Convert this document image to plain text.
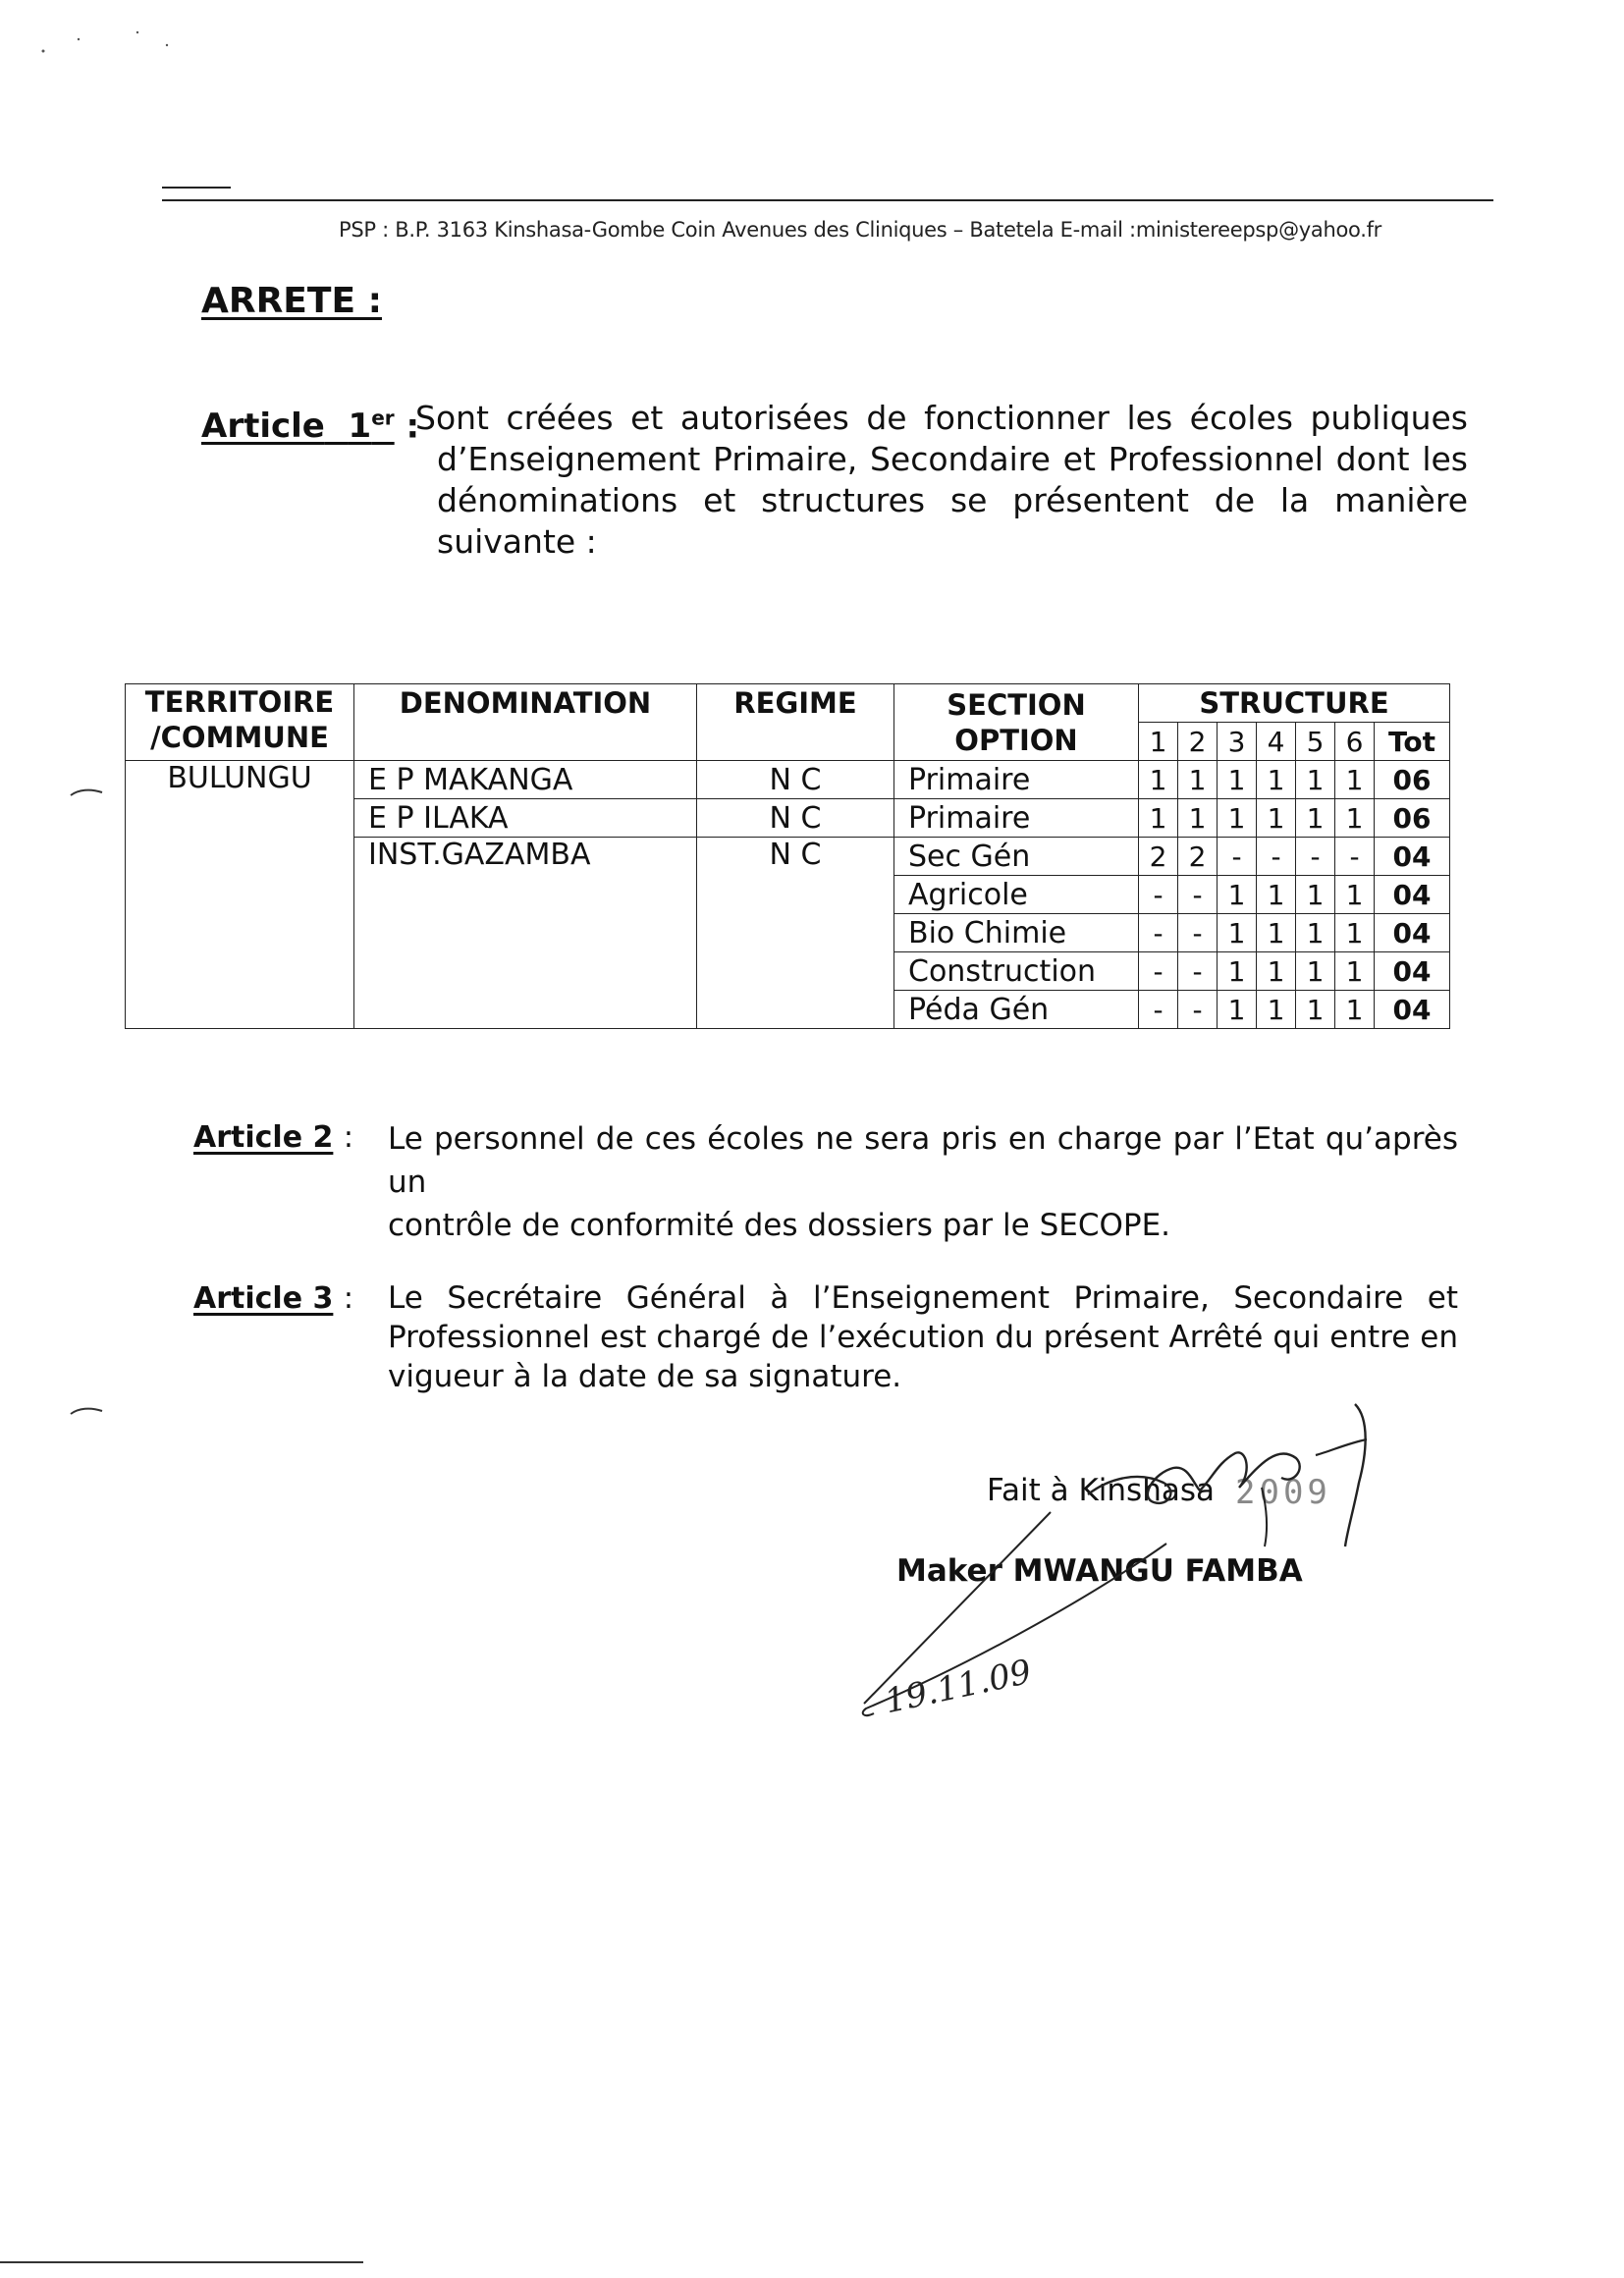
PSP : B.P. 3163 Kinshasa-Gombe Coin Avenues des Cliniques – Batetela E-mail :ministereepsp@yahoo.fr
ARRETE :
Article 1er :
Sont créées et autorisées de fonctionner les écoles publiques
d’Enseignement Primaire, Secondaire et Professionnel dont les
dénominations et structures se présentent de la manière
suivante :
TERRITOIRE
/COMMUNE	DENOMINATION	REGIME	SECTION
OPTION	STRUCTURE						
				1	2	3	4	5	6	Tot
BULUNGU	E P MAKANGA	N C	Primaire	1	1	1	1	1	1	06
	E P ILAKA	N C	Primaire	1	1	1	1	1	1	06
	INST.GAZAMBA	N C	Sec Gén	2	2	-	-	-	-	04
			Agricole	-	-	1	1	1	1	04
			Bio Chimie	-	-	1	1	1	1	04
			Construction	-	-	1	1	1	1	04
			Péda Gén	-	-	1	1	1	1	04
Article 2 : Le personnel de ces écoles ne sera pris en charge par l’Etat qu’après un
contrôle de conformité des dossiers par le SECOPE.
Article 3 : Le Secrétaire Général à l’Enseignement Primaire, Secondaire et
Professionnel est chargé de l’exécution du présent Arrêté qui entre en
vigueur à la date de sa signature.
Fait à Kinshasa 2009
Maker MWANGU FAMBA
19.11.09
